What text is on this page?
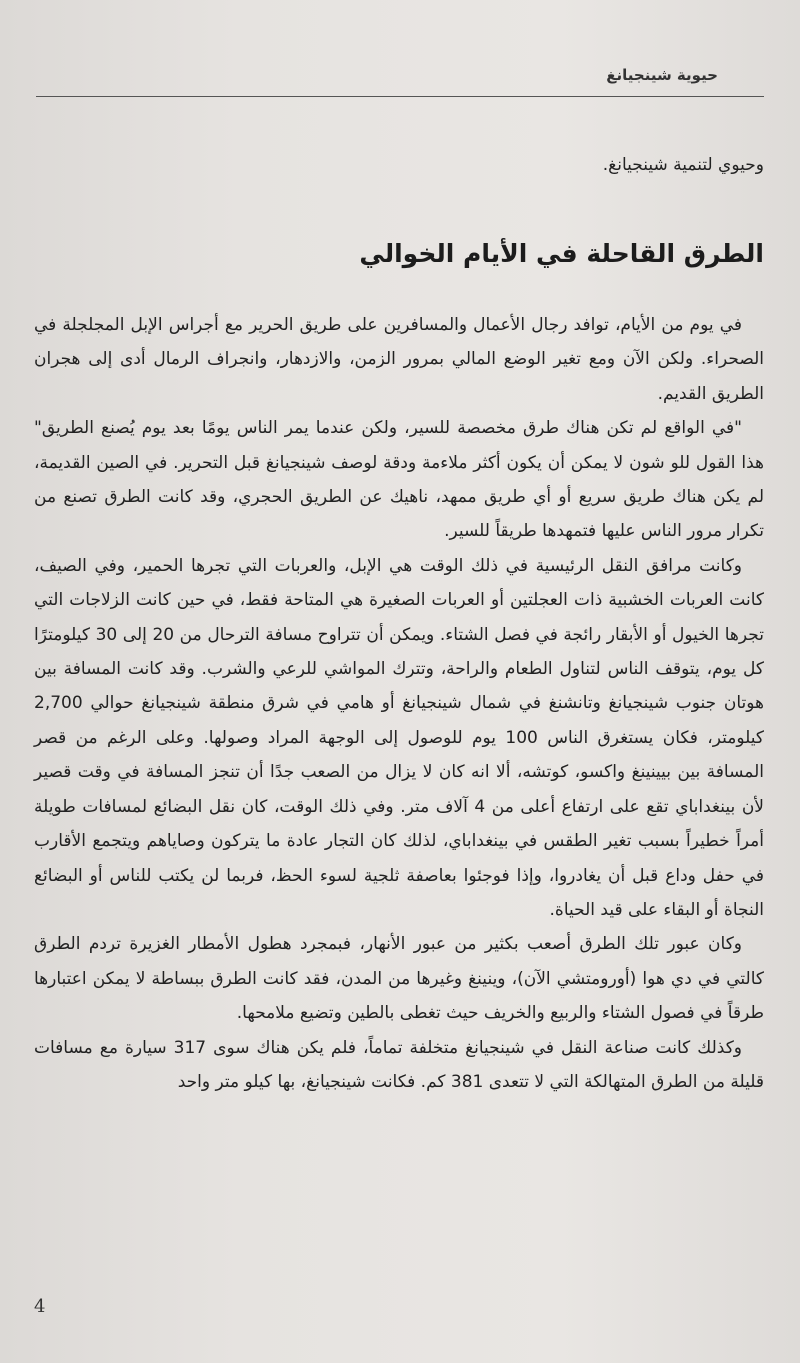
حيوية شينجيانغ

وحيوي لتنمية شينجيانغ.

الطرق القاحلة في الأيام الخوالي

في يوم من الأيام، توافد رجال الأعمال والمسافرين على طريق الحرير مع أجراس الإبل المجلجلة في الصحراء. ولكن الآن ومع تغير الوضع المالي بمرور الزمن، والازدهار، وانجراف الرمال أدى إلى هجران الطريق القديم.

"في الواقع لم تكن هناك طرق مخصصة للسير، ولكن عندما يمر الناس يومًا بعد يوم يُصنع الطريق" هذا القول للو شون لا يمكن أن يكون أكثر ملاءمة ودقة لوصف شينجيانغ قبل التحرير. في الصين القديمة، لم يكن هناك طريق سريع أو أي طريق ممهد، ناهيك عن الطريق الحجري، وقد كانت الطرق تصنع من تكرار مرور الناس عليها فتمهدها طريقاً للسير.

وكانت مرافق النقل الرئيسية في ذلك الوقت هي الإبل، والعربات التي تجرها الحمير، وفي الصيف، كانت العربات الخشبية ذات العجلتين أو العربات الصغيرة هي المتاحة فقط، في حين كانت الزلاجات التي تجرها الخيول أو الأبقار رائجة في فصل الشتاء. ويمكن أن تتراوح مسافة الترحال من 20 إلى 30 كيلومترًا كل يوم، يتوقف الناس لتناول الطعام والراحة، وتترك المواشي للرعي والشرب. وقد كانت المسافة بين هوتان جنوب شينجيانغ وتانشنغ في شمال شينجيانغ أو هامي في شرق منطقة شينجيانغ حوالي 2,700 كيلومتر، فكان يستغرق الناس 100 يوم للوصول إلى الوجهة المراد وصولها. وعلى الرغم من قصر المسافة بين بيينينغ واكسو، كوتشه، ألا انه كان لا يزال من الصعب جدًا أن تنجز المسافة في وقت قصير لأن بينغداباي تقع على ارتفاع أعلى من 4 آلاف متر. وفي ذلك الوقت، كان نقل البضائع لمسافات طويلة أمراً خطيراً بسبب تغير الطقس في بينغداباي، لذلك كان التجار عادة ما يتركون وصاياهم ويتجمع الأقارب في حفل وداع قبل أن يغادروا، وإذا فوجئوا بعاصفة ثلجية لسوء الحظ، فربما لن يكتب للناس أو البضائع النجاة أو البقاء على قيد الحياة.

وكان عبور تلك الطرق أصعب بكثير من عبور الأنهار، فبمجرد هطول الأمطار الغزيرة تردم الطرق كالتي في دي هوا (أورومتشي الآن)، وينينغ وغيرها من المدن، فقد كانت الطرق ببساطة لا يمكن اعتبارها طرقاً في فصول الشتاء والربيع والخريف حيث تغطى بالطين وتضيع ملامحها.

وكذلك كانت صناعة النقل في شينجيانغ متخلفة تماماً، فلم يكن هناك سوى 317 سيارة مع مسافات قليلة من الطرق المتهالكة التي لا تتعدى 381 كم. فكانت شينجيانغ، بها كيلو متر واحد

4
